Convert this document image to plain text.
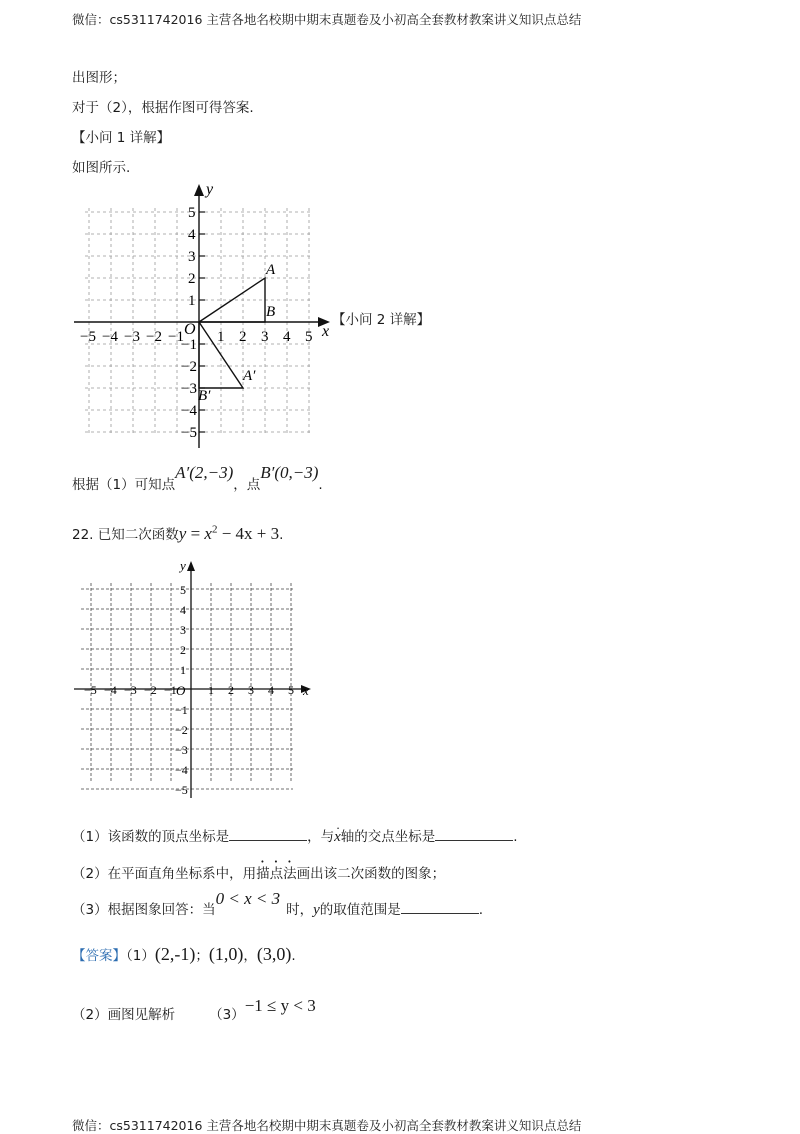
微信：cs5311742016 主营各地名校期中期末真题卷及小初高全套教材教案讲义知识点总结
出图形；
对于（2），根据作图可得答案.
【小问 1 详解】
如图所示.
−5 −4 −3 −2 −1 1 2 3 4 5
5
4
3
2
1
−1
−2
−3
−4
−5
x
y
O
A
B
A′
B′
【小问 2 详解】
根据（1）可知点A′(2,−3)，点B′(0,−3).
22. 已知二次函数$y = x^2 - 4x + 3$.
−5 −4 −3 −2 −1	1 2 3 4 5
5
4
3
2
1
−1
−2
−3
−4
−5
x
y
O
（1）该函数的顶点坐标是	，与. x轴的交点坐标是	.
（2）在平面直角坐标系中，用描点法画出该二次函数的图象；
（3）根据图象回答：当0 < x < 3时，y的取值范围是	.
【答案】（1）(2,-1)；(1,0)，(3,0).
（2）画图见解析	（3）−1 ≤ y < 3
微信：cs5311742016 主营各地名校期中期末真题卷及小初高全套教材教案讲义知识点总结
